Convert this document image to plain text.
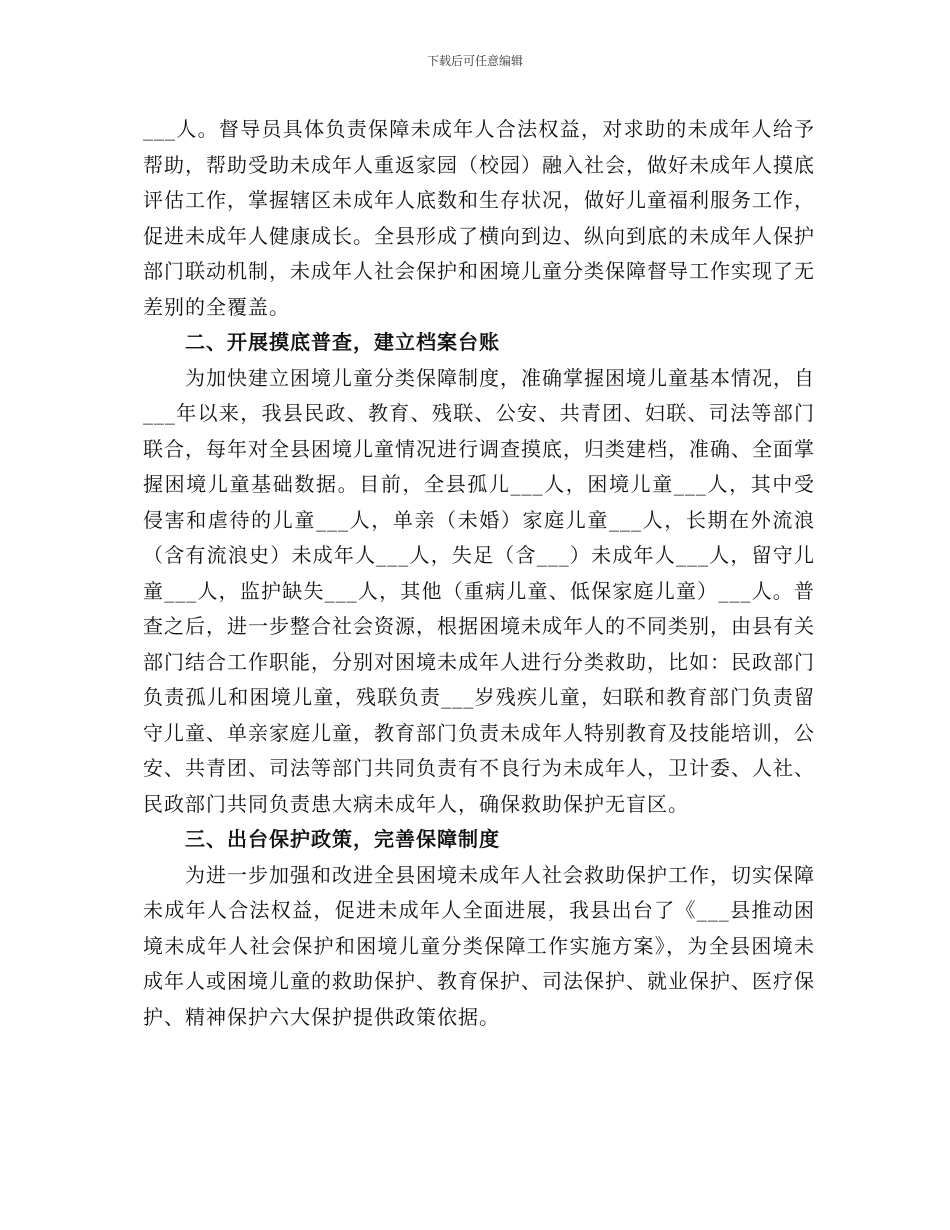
下载后可任意编辑

___人。督导员具体负责保障未成年人合法权益，对求助的未成年人给予帮助，帮助受助未成年人重返家园（校园）融入社会，做好未成年人摸底评估工作，掌握辖区未成年人底数和生存状况，做好儿童福利服务工作，促进未成年人健康成长。全县形成了横向到边、纵向到底的未成年人保护部门联动机制，未成年人社会保护和困境儿童分类保障督导工作实现了无差别的全覆盖。

二、开展摸底普查，建立档案台账

为加快建立困境儿童分类保障制度，准确掌握困境儿童基本情况，自___年以来，我县民政、教育、残联、公安、共青团、妇联、司法等部门联合，每年对全县困境儿童情况进行调查摸底，归类建档，准确、全面掌握困境儿童基础数据。目前，全县孤儿___人，困境儿童___人，其中受侵害和虐待的儿童___人，单亲（未婚）家庭儿童___人，长期在外流浪（含有流浪史）未成年人___人，失足（含___）未成年人___人，留守儿童___人，监护缺失___人，其他（重病儿童、低保家庭儿童）___人。普查之后，进一步整合社会资源，根据困境未成年人的不同类别，由县有关部门结合工作职能，分别对困境未成年人进行分类救助，比如：民政部门负责孤儿和困境儿童，残联负责___岁残疾儿童，妇联和教育部门负责留守儿童、单亲家庭儿童，教育部门负责未成年人特别教育及技能培训，公安、共青团、司法等部门共同负责有不良行为未成年人，卫计委、人社、民政部门共同负责患大病未成年人，确保救助保护无盲区。

三、出台保护政策，完善保障制度

为进一步加强和改进全县困境未成年人社会救助保护工作，切实保障未成年人合法权益，促进未成年人全面进展，我县出台了《___县推动困境未成年人社会保护和困境儿童分类保障工作实施方案》，为全县困境未成年人或困境儿童的救助保护、教育保护、司法保护、就业保护、医疗保护、精神保护六大保护提供政策依据。
